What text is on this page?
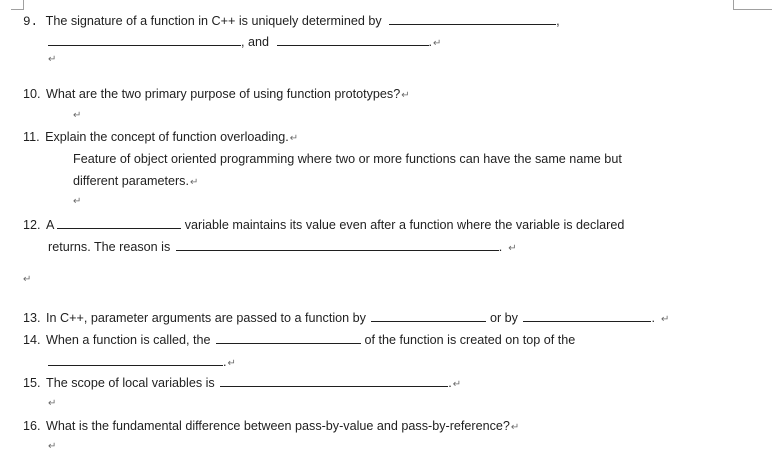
9. The signature of a function in C++ is uniquely determined by	,
, and	.↵
↵
10. What are the two primary purpose of using function prototypes?↵
↵
11. Explain the concept of function overloading.↵
Feature of object oriented programming where two or more functions can have the same name but
different parameters.↵
↵
12. A	variable maintains its value even after a function where the variable is declared
returns. The reason is	. ↵
↵
13. In C++, parameter arguments are passed to a function by	or by	. ↵
14. When a function is called, the	of the function is created on top of the
.↵
15. The scope of local variables is	.↵
↵
16. What is the fundamental difference between pass-by-value and pass-by-reference?↵
↵
